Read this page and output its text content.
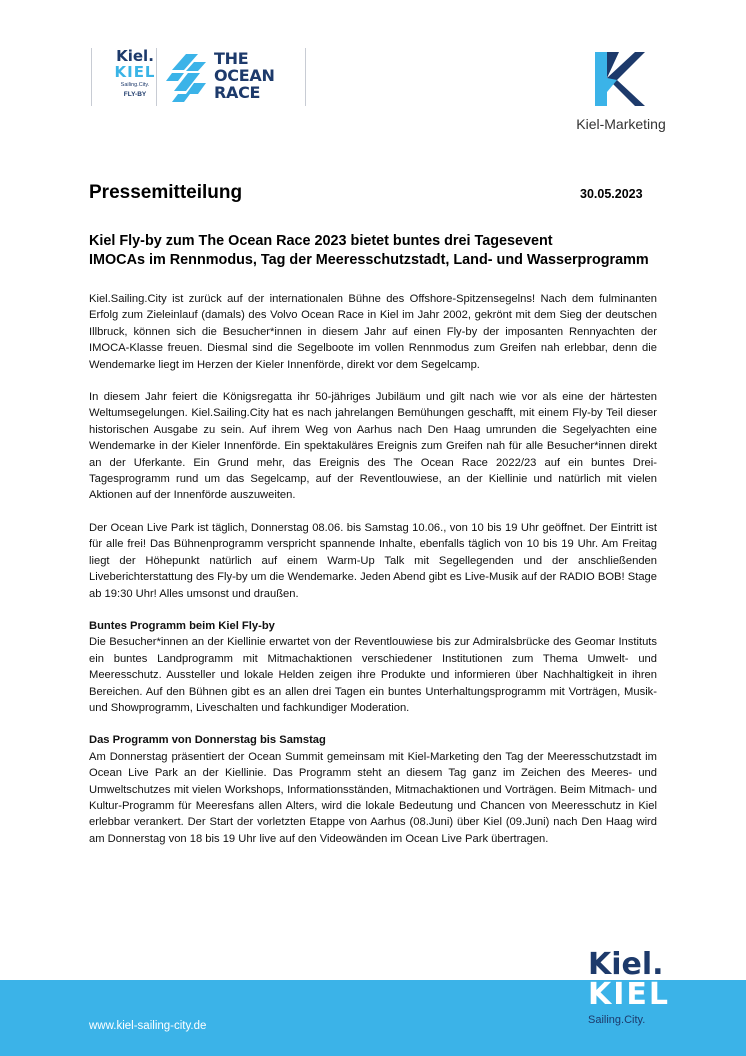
Kiel.
KIEL
Sailing.City.
FLY-BY
THE
OCEAN
RACE
Kiel-Marketing
Pressemitteilung	30.05.2023
Kiel Fly-by zum The Ocean Race 2023 bietet buntes drei Tagesevent
IMOCAs im Rennmodus, Tag der Meeresschutzstadt, Land- und Wasserprogramm

Kiel.Sailing.City ist zurück auf der internationalen Bühne des Offshore-Spitzensegelns! Nach dem fulminanten Erfolg zum Zieleinlauf (damals) des Volvo Ocean Race in Kiel im Jahr 2002, gekrönt mit dem Sieg der deutschen Illbruck, können sich die Besucher*innen in diesem Jahr auf einen Fly-by der imposanten Rennyachten der IMOCA-Klasse freuen. Diesmal sind die Segelboote im vollen Rennmodus zum Greifen nah erlebbar, denn die Wendemarke liegt im Herzen der Kieler Innenförde, direkt vor dem Segelcamp.

In diesem Jahr feiert die Königsregatta ihr 50-jähriges Jubiläum und gilt nach wie vor als eine der härtesten Weltumsegelungen. Kiel.Sailing.City hat es nach jahrelangen Bemühungen geschafft, mit einem Fly-by Teil dieser historischen Ausgabe zu sein. Auf ihrem Weg von Aarhus nach Den Haag umrunden die Segelyachten eine Wendemarke in der Kieler Innenförde. Ein spektakuläres Ereignis zum Greifen nah für alle Besucher*innen direkt an der Uferkante. Ein Grund mehr, das Ereignis des The Ocean Race 2022/23 auf ein buntes Drei-Tagesprogramm rund um das Segelcamp, auf der Reventlouwiese, an der Kiellinie und natürlich mit vielen Aktionen auf der Innenförde auszuweiten.

Der Ocean Live Park ist täglich, Donnerstag 08.06. bis Samstag 10.06., von 10 bis 19 Uhr geöffnet. Der Eintritt ist für alle frei! Das Bühnenprogramm verspricht spannende Inhalte, ebenfalls täglich von 10 bis 19 Uhr. Am Freitag liegt der Höhepunkt natürlich auf einem Warm-Up Talk mit Segellegenden und der anschließenden Liveberichterstattung des Fly-by um die Wendemarke. Jeden Abend gibt es Live-Musik auf der RADIO BOB! Stage ab 19:30 Uhr! Alles umsonst und draußen.

Buntes Programm beim Kiel Fly-by

Die Besucher*innen an der Kiellinie erwartet von der Reventlouwiese bis zur Admiralsbrücke des Geomar Instituts ein buntes Landprogramm mit Mitmachaktionen verschiedener Institutionen zum Thema Umwelt- und Meeresschutz. Aussteller und lokale Helden zeigen ihre Produkte und informieren über Nachhaltigkeit in ihren Bereichen. Auf den Bühnen gibt es an allen drei Tagen ein buntes Unterhaltungsprogramm mit Vorträgen, Musik- und Showprogramm, Liveschalten und fachkundiger Moderation.

Das Programm von Donnerstag bis Samstag

Am Donnerstag präsentiert der Ocean Summit gemeinsam mit Kiel-Marketing den Tag der Meeresschutzstadt im Ocean Live Park an der Kiellinie. Das Programm steht an diesem Tag ganz im Zeichen des Meeres- und Umweltschutzes mit vielen Workshops, Informationsständen, Mitmachaktionen und Vorträgen. Beim Mitmach- und Kultur-Programm für Meeresfans allen Alters, wird die lokale Bedeutung und Chancen von Meeresschutz in Kiel erlebbar verankert. Der Start der vorletzten Etappe von Aarhus (08.Juni) über Kiel (09.Juni) nach Den Haag wird am Donnerstag von 18 bis 19 Uhr live auf den Videowänden im Ocean Live Park übertragen.

www.kiel-sailing-city.de
Kiel.
KIEL
Sailing.City.
